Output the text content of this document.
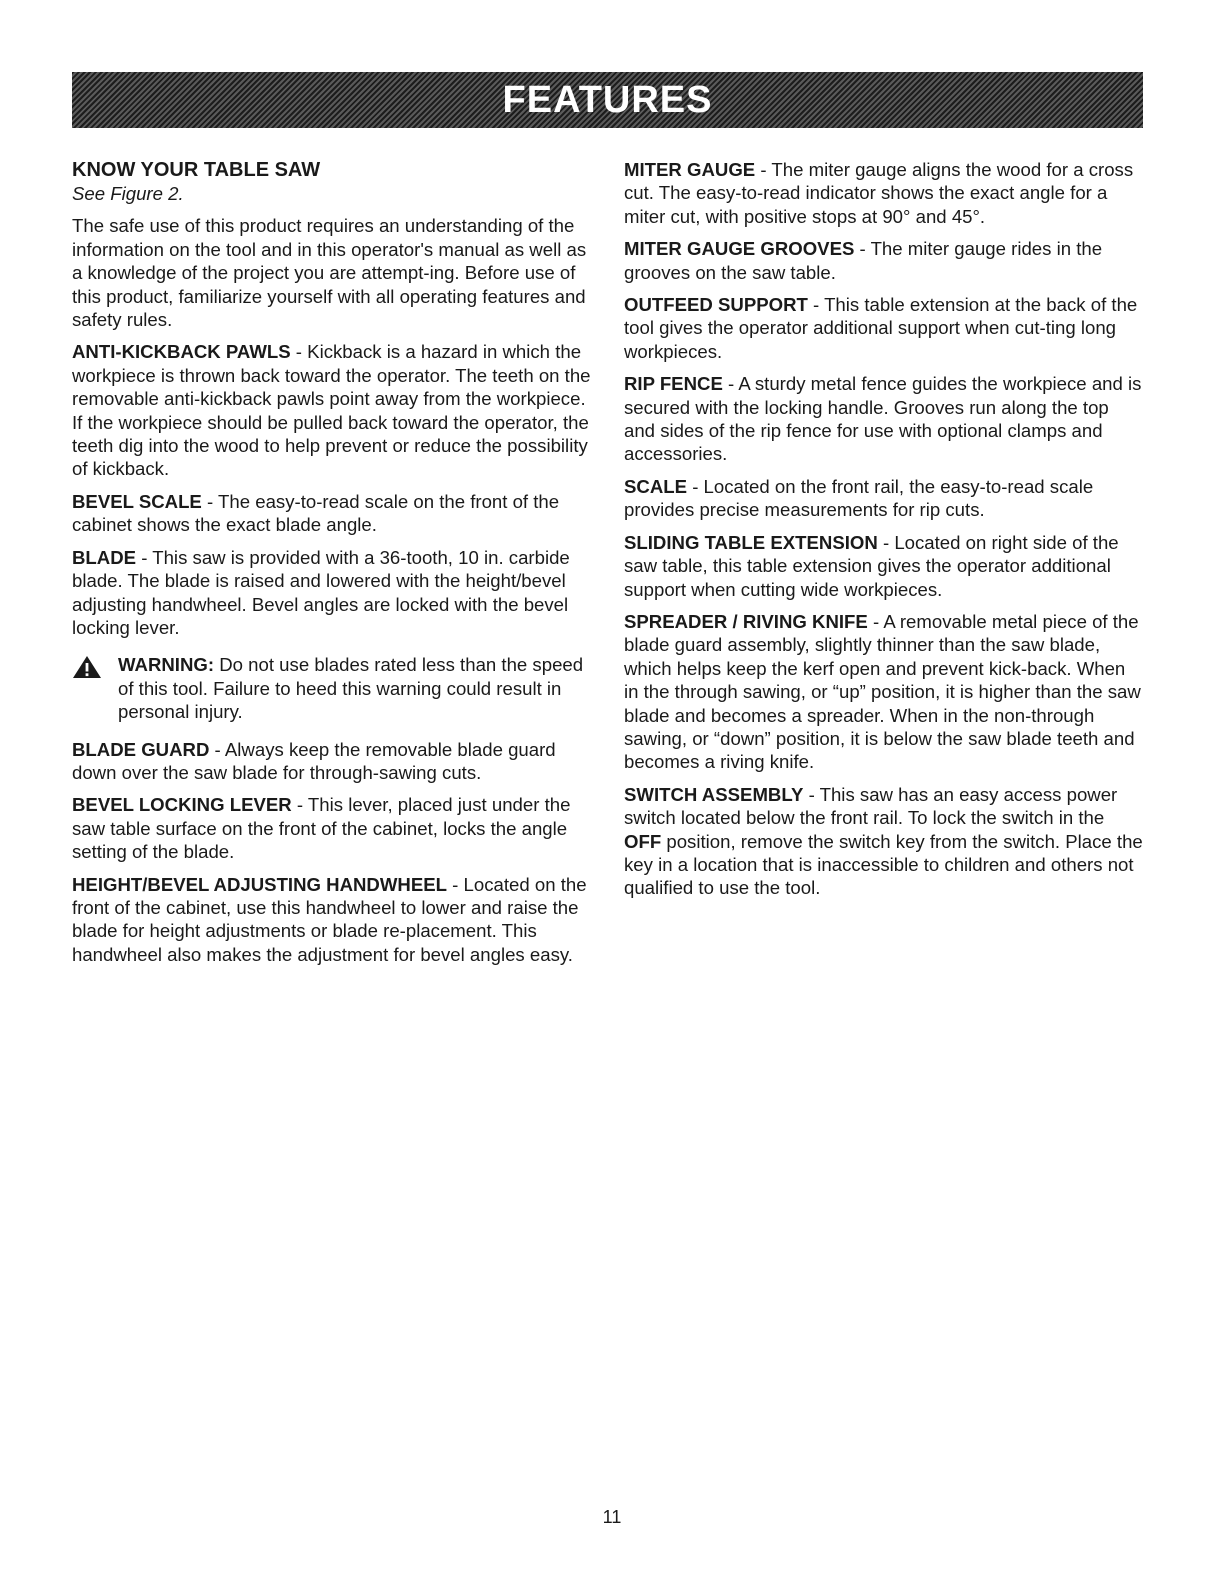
FEATURES
KNOW YOUR TABLE SAW

See Figure 2.

The safe use of this product requires an understanding of the information on the tool and in this operator's manual as well as a knowledge of the project you are attempt-ing. Before use of this product, familiarize yourself with all operating features and safety rules.

ANTI-KICKBACK PAWLS - Kickback is a hazard in which the workpiece is thrown back toward the operator. The teeth on the removable anti-kickback pawls point away from the workpiece. If the workpiece should be pulled back toward the operator, the teeth dig into the wood to help prevent or reduce the possibility of kickback.

BEVEL SCALE - The easy-to-read scale on the front of the cabinet shows the exact blade angle.

BLADE - This saw is provided with a 36-tooth, 10 in. carbide blade. The blade is raised and lowered with the height/bevel adjusting handwheel. Bevel angles are locked with the bevel locking lever.

WARNING: Do not use blades rated less than the speed of this tool. Failure to heed this warning could result in personal injury.

BLADE GUARD - Always keep the removable blade guard down over the saw blade for through-sawing cuts.

BEVEL LOCKING LEVER - This lever, placed just under the saw table surface on the front of the cabinet, locks the angle setting of the blade.

HEIGHT/BEVEL ADJUSTING HANDWHEEL - Located on the front of the cabinet, use this handwheel to lower and raise the blade for height adjustments or blade re-placement. This handwheel also makes the adjustment for bevel angles easy.

MITER GAUGE - The miter gauge aligns the wood for a cross cut. The easy-to-read indicator shows the exact angle for a miter cut, with positive stops at 90° and 45°.

MITER GAUGE GROOVES - The miter gauge rides in the grooves on the saw table.

OUTFEED SUPPORT - This table extension at the back of the tool gives the operator additional support when cut-ting long workpieces.

RIP FENCE - A sturdy metal fence guides the workpiece and is secured with the locking handle. Grooves run along the top and sides of the rip fence for use with optional clamps and accessories.

SCALE - Located on the front rail, the easy-to-read scale provides precise measurements for rip cuts.

SLIDING TABLE EXTENSION - Located on right side of the saw table, this table extension gives the operator additional support when cutting wide workpieces.

SPREADER / RIVING KNIFE - A removable metal piece of the blade guard assembly, slightly thinner than the saw blade, which helps keep the kerf open and prevent kick-back. When in the through sawing, or “up” position, it is higher than the saw blade and becomes a spreader. When in the non-through sawing, or “down” position, it is below the saw blade teeth and becomes a riving knife.

SWITCH ASSEMBLY - This saw has an easy access power switch located below the front rail. To lock the switch in the OFF position, remove the switch key from the switch. Place the key in a location that is inaccessible to children and others not qualified to use the tool.

11
